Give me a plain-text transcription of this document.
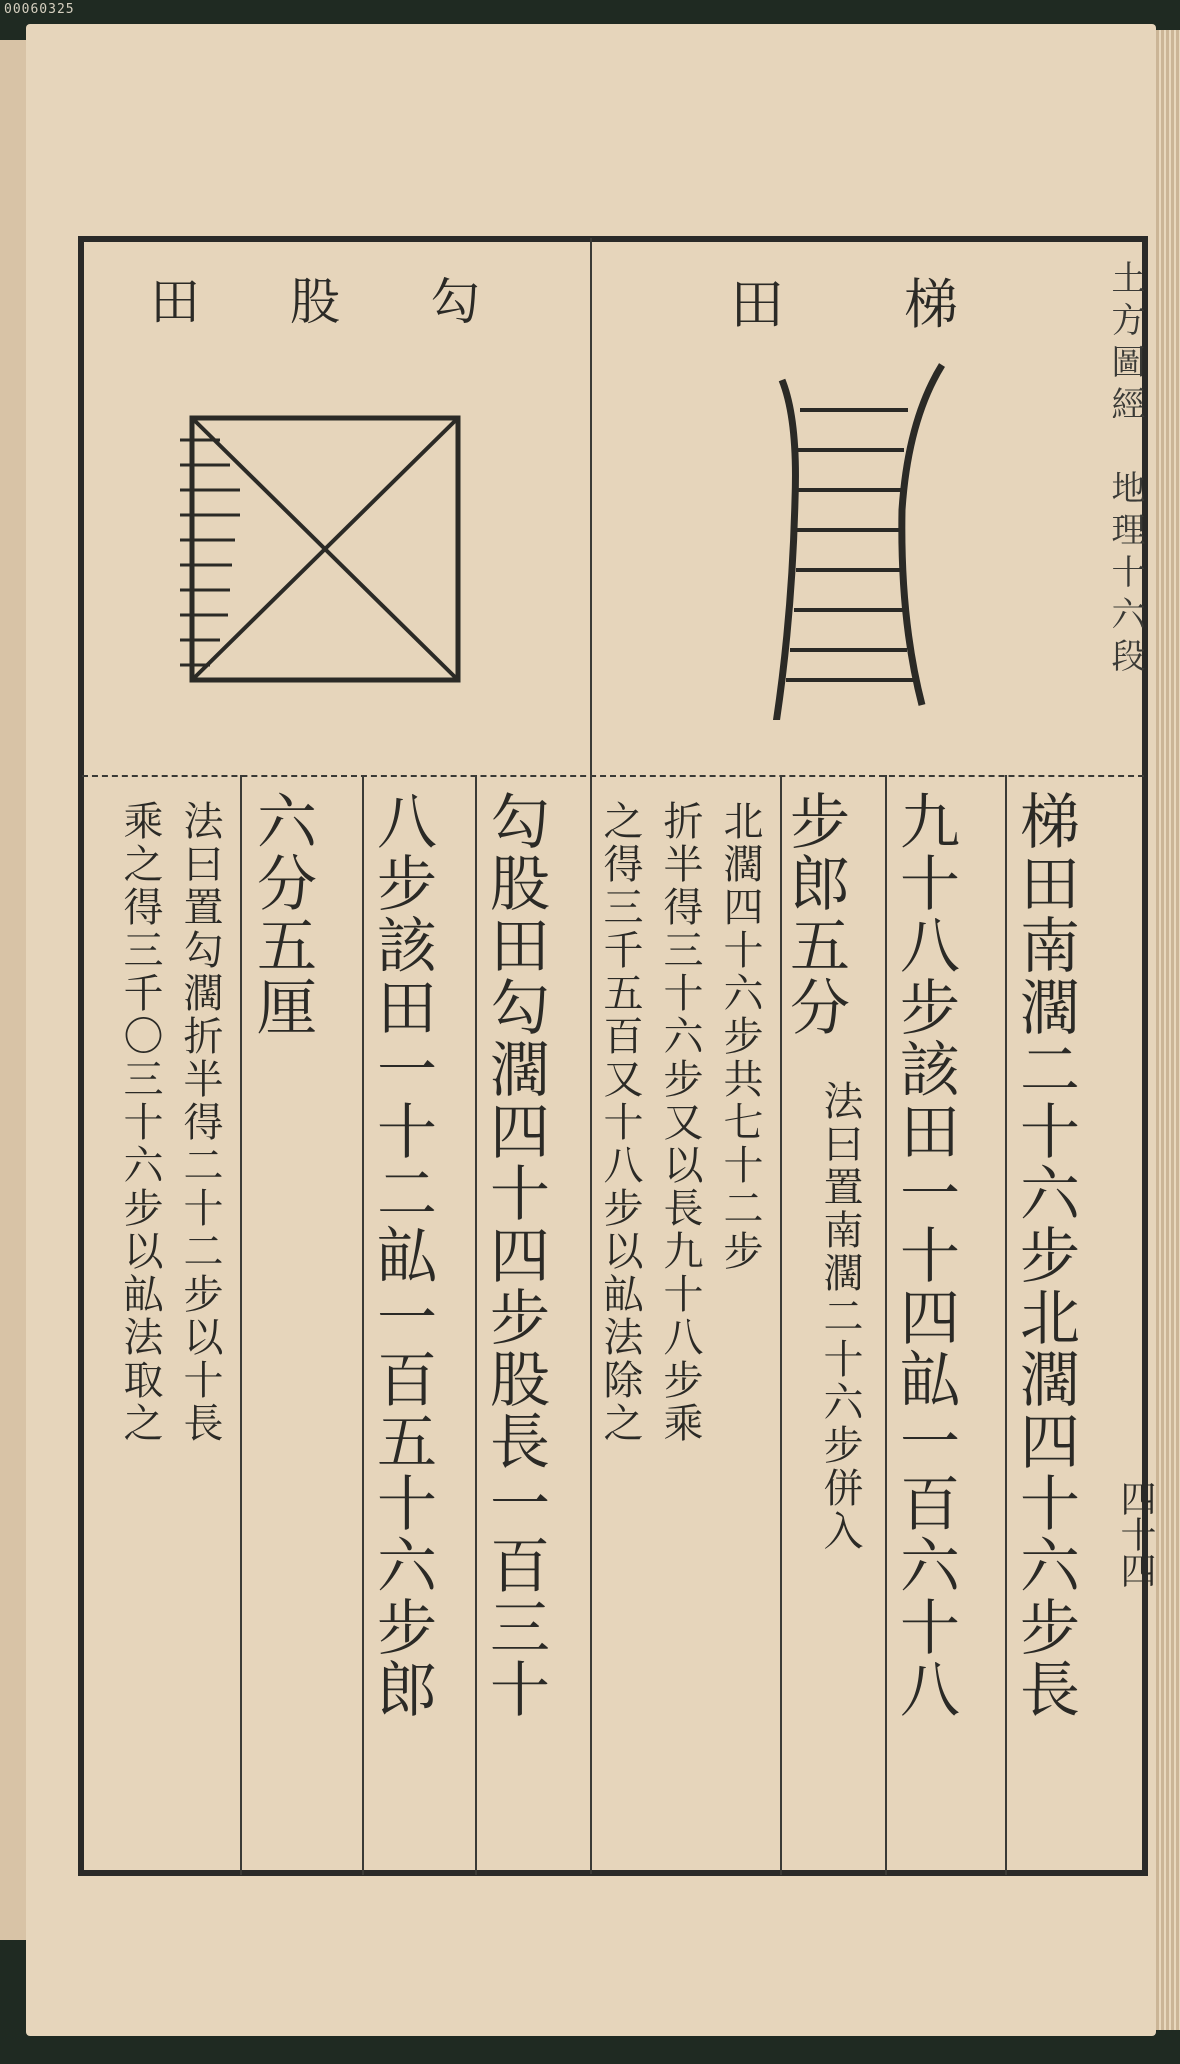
00060325
梯田
勾股田
梯田南濶二十六步北濶四十六步長
九十八步該田一十四畆一百六十八
步郎五分
法曰置南濶二十六步併入
北濶四十六步共七十二步
折半得三十六步又以長九十八步乘
之得三千五百又十八步以畆法除之
勾股田勾濶四十四步股長一百三十
八步該田一十二畆一百五十六步郎
六分五厘
法曰置勾濶折半得二十二步以十長
乘之得三千〇三十六步以畆法取之
土方圖經　地理十六段
四十四
